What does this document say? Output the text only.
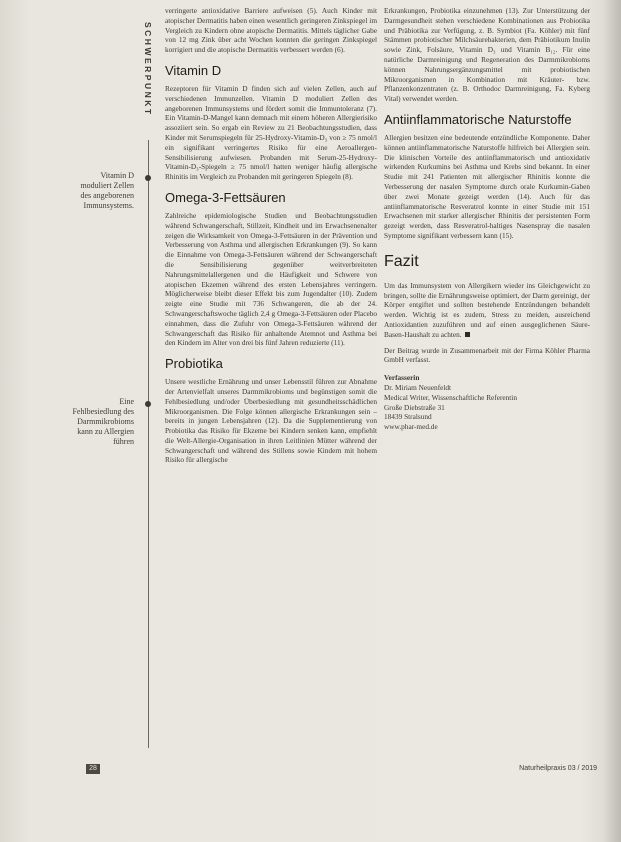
SCHWERPUNKT
Vitamin D moduliert Zellen des angeborenen Immunsystems.
Eine Fehlbesiedlung des Darmmikrobioms kann zu Allergien führen

verringerte antioxidative Barriere aufweisen (5). Auch Kinder mit atopischer Dermatitis haben einen wesentlich geringeren Zinkspiegel im Vergleich zu Kindern ohne atopische Dermatitis. Mittels täglicher Gabe von 12 mg Zink über acht Wochen konnten die geringen Zinkspiegel korrigiert und die atopische Dermatitis verbessert werden (6).

Vitamin D

Rezeptoren für Vitamin D finden sich auf vielen Zellen, auch auf verschiedenen Immunzellen. Vitamin D moduliert Zellen des angeborenen Immunsystems und fördert somit die Immuntoleranz (7). Ein Vitamin-D-Mangel kann demnach mit einem höheren Allergierisiko assoziiert sein. So ergab ein Review zu 21 Beobachtungsstudien, dass Kinder mit Serumspiegeln für 25-Hydroxy-Vitamin-D₃ von ≥ 75 nmol/l ein signifikant verringertes Risiko für eine Aeroallergen-Sensibilisierung aufwiesen. Probanden mit Serum-25-Hydroxy-Vitamin-D₃-Spiegeln ≥ 75 nmol/l hatten weniger häufig allergische Rhinitis im Vergleich zu Probanden mit geringeren Spiegeln (8).

Omega-3-Fettsäuren

Zahlreiche epidemiologische Studien und Beobachtungsstudien während Schwangerschaft, Stillzeit, Kindheit und im Erwachsenenalter zeigen die Wirksamkeit von Omega-3-Fettsäuren in der Prävention und Verbesserung von Asthma und allergischen Erkrankungen (9). So kann die Einnahme von Omega-3-Fettsäuren während der Schwangerschaft die Sensibilisierung gegenüber weitverbreiteten Nahrungsmittelallergenen und die Häufigkeit und Schwere von atopischen Ekzemen während des ersten Lebensjahres verringern. Möglicherweise bleibt dieser Effekt bis zum Jugendalter (10). Zudem zeigte eine Studie mit 736 Schwangeren, die ab der 24. Schwangerschaftswoche täglich 2,4 g Omega-3-Fettsäuren oder Placebo einnahmen, dass die Zufuhr von Omega-3-Fettsäuren während der Schwangerschaft das Risiko für anhaltende Atemnot und Asthma bei den Kindern im Alter von drei bis fünf Jahren reduzierte (11).

Probiotika

Unsere westliche Ernährung und unser Lebensstil führen zur Abnahme der Artenvielfalt unseres Darmmikrobioms und begünstigen somit die Fehlbesiedlung und/oder Überbesiedlung mit gesundheitsschädlichen Mikroorganismen. Die Folge können allergische Erkrankungen sein – bereits in jungen Lebensjahren (12). Da die Supplementierung von Probiotika das Risiko für Ekzeme bei Kindern senken kann, empfiehlt die Welt-Allergie-Organisation in ihren Leitlinien Mütter während der Schwangerschaft und während des Stillens sowie Kindern mit hohem Risiko für allergische

Erkrankungen, Probiotika einzunehmen (13). Zur Unterstützung der Darmgesundheit stehen verschiedene Kombinationen aus Probiotika und Präbiotika zur Verfügung, z. B. Symbiot (Fa. Köhler) mit fünf Stämmen probiotischer Milchsäurebakterien, dem Präbiotikum Inulin sowie Zink, Folsäure, Vitamin D₃ und Vitamin B₁₂. Für eine natürliche Darmreinigung und Regeneration des Darmmikrobioms können Nahrungsergänzungsmittel mit probiotischen Mikroorganismen in Kombination mit Kräuter- bzw. Pflanzenkonzentraten (z. B. Orthodoc Darmreinigung, Fa. Kyberg Vital) verwendet werden.

Antiinflammatorische Naturstoffe

Allergien besitzen eine bedeutende entzündliche Komponente. Daher können antiinflammatorische Naturstoffe hilfreich bei Allergien sein. Die klinischen Vorteile des antiinflammatorisch und antioxidativ wirkenden Kurkumins bei Asthma und Krebs sind bekannt. In einer Studie mit 241 Patienten mit allergischer Rhinitis konnte die Verbesserung der nasalen Symptome durch orale Kurkumin-Gaben über zwei Monate gezeigt werden (14). Auch für das antiinflammatorische Resveratrol konnte in einer Studie mit 151 Erwachsenen mit starker allergischer Rhinitis der persistenten Form gezeigt werden, dass Resveratrol-haltiges Nasenspray die nasalen Symptome signifikant verbessern kann (15).

Fazit

Um das Immunsystem von Allergikern wieder ins Gleichgewicht zu bringen, sollte die Ernährungsweise optimiert, der Darm gereinigt, der Körper entgiftet und sollten bestehende Entzündungen behandelt werden. Wichtig ist es zudem, Stress zu meiden, ausreichend Antioxidantien zuzuführen und auf einen ausgeglichenen Säure-Basen-Haushalt zu achten.

Der Beitrag wurde in Zusammenarbeit mit der Firma Köhler Pharma GmbH verfasst.

Verfasserin
Dr. Miriam Neuenfeldt
Medical Writer, Wissenschaftliche Referentin
Große Diebstraße 31
18439 Stralsund
www.phar-med.de
28	Naturheilpraxis 03 / 2019
